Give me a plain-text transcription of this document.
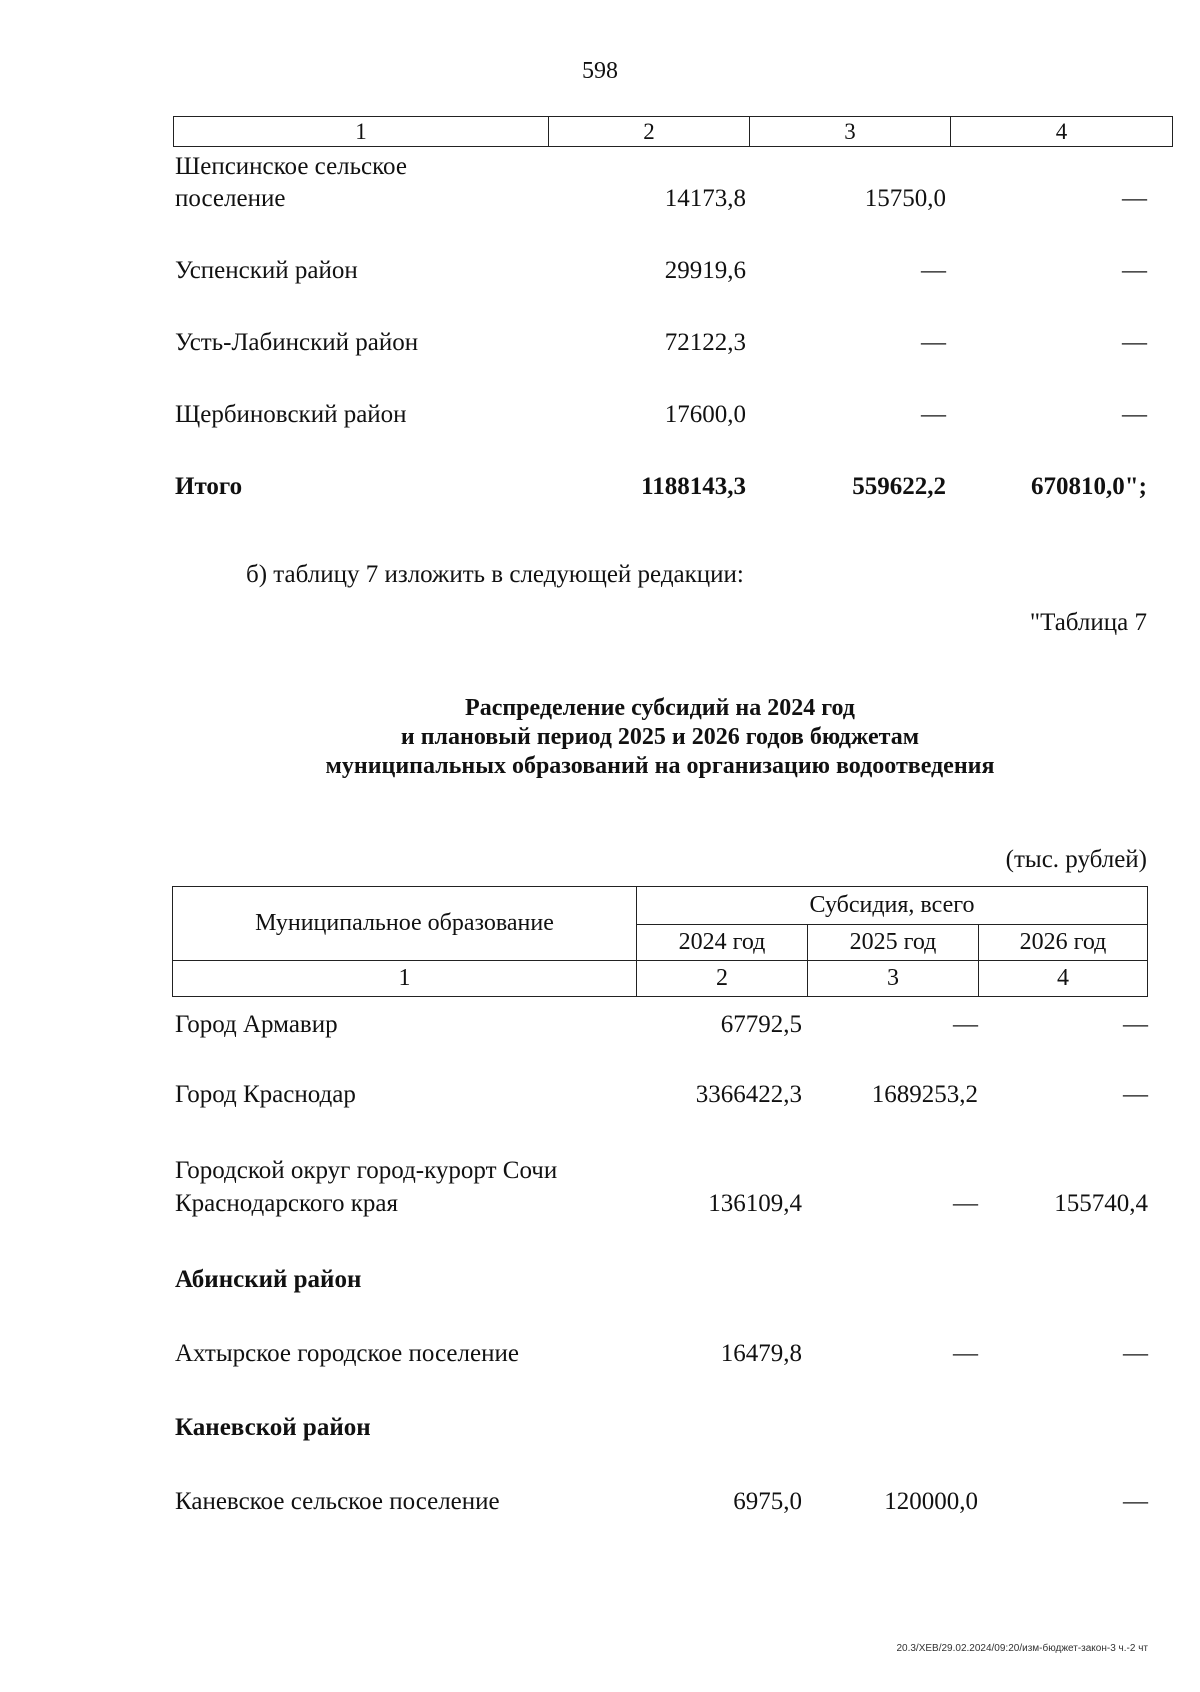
598
1	2	3	4
Шепсинское сельское
поселение	14173,8	15750,0	—
Успенский район	29919,6	—	—
Усть-Лабинский район	72122,3	—	—
Щербиновский район	17600,0	—	—
Итого	1188143,3	559622,2	670810,0";
б) таблицу 7 изложить в следующей редакции:
"Таблица 7
Распределение субсидий на 2024 год
и плановый период 2025 и 2026 годов бюджетам
муниципальных образований на организацию водоотведения
(тыс. рублей)
Муниципальное образование	Субсидия, всего		
	2024 год	2025 год	2026 год
1	2	3	4
Город Армавир	67792,5	—	—
Город Краснодар	3366422,3	1689253,2	—
Городской округ город-курорт Сочи
Краснодарского края	136109,4	—	155740,4
Абинский район
Ахтырское городское поселение	16479,8	—	—
Каневской район
Каневское сельское поселение	6975,0	120000,0	—
20.3/ХЕВ/29.02.2024/09:20/изм-бюджет-закон-3 ч.-2 чт
